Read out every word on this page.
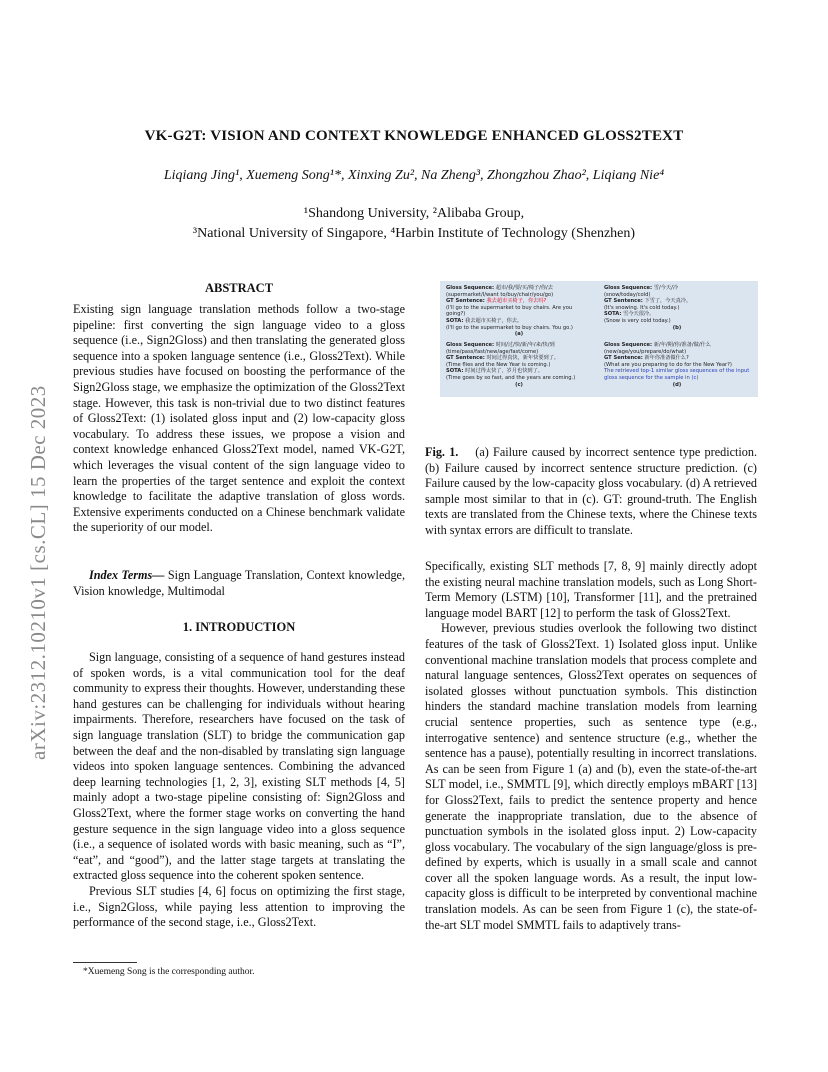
arXiv:2312.10210v1 [cs.CL] 15 Dec 2023
VK-G2T: VISION AND CONTEXT KNOWLEDGE ENHANCED GLOSS2TEXT
Liqiang Jing¹, Xuemeng Song¹*, Xinxing Zu², Na Zheng³, Zhongzhou Zhao², Liqiang Nie⁴
¹Shandong University, ²Alibaba Group,
³National University of Singapore, ⁴Harbin Institute of Technology (Shenzhen)
ABSTRACT
Existing sign language translation methods follow a two-stage pipeline: first converting the sign language video to a gloss sequence (i.e., Sign2Gloss) and then translating the generated gloss sequence into a spoken language sentence (i.e., Gloss2Text). While previous studies have focused on boosting the performance of the Sign2Gloss stage, we emphasize the optimization of the Gloss2Text stage. However, this task is non-trivial due to two distinct features of Gloss2Text: (1) isolated gloss input and (2) low-capacity gloss vocabulary. To address these issues, we propose a vision and context knowledge enhanced Gloss2Text model, named VK-G2T, which leverages the visual content of the sign language video to learn the properties of the target sentence and exploit the context knowledge to facilitate the adaptive translation of gloss words. Extensive experiments conducted on a Chinese benchmark validate the superiority of our model.
Index Terms— Sign Language Translation, Context knowledge, Vision knowledge, Multimodal
1. INTRODUCTION

Sign language, consisting of a sequence of hand gestures instead of spoken words, is a vital communication tool for the deaf community to express their thoughts. However, understanding these hand gestures can be challenging for individuals without hearing impairments. Therefore, researchers have focused on the task of sign language translation (SLT) to bridge the communication gap between the deaf and the non-disabled by translating sign language videos into spoken language sentences. Combining the advanced deep learning technologies [1, 2, 3], existing SLT methods [4, 5] mainly adopt a two-stage pipeline consisting of: Sign2Gloss and Gloss2Text, where the former stage works on converting the hand gesture sequence in the sign language video into a gloss sequence (i.e., a sequence of isolated words with basic meaning, such as “I”, “eat”, and “good”), and the latter stage targets at translating the extracted gloss sequence into the coherent spoken sentence.

Previous SLT studies [4, 6] focus on optimizing the first stage, i.e., Sign2Gloss, while paying less attention to improving the performance of the second stage, i.e., Gloss2Text.

*Xuemeng Song is the corresponding author.
Gloss Sequence: 超市/我/要/买/椅子/你/去
(supermarket/I/want to/buy/chair/you/go)
GT Sentence: 我去超市买椅子，你去吗?
(I'll go to the supermarket to buy chairs. Are you going?)
SOTA: 我去超市买椅子，你去。
(I'll go to the supermarket to buy chairs. You go.)
(a)
Gloss Sequence: 雪/今天/冷
(snow/today/cold)
GT Sentence: 下雪了，今天真冷。
(It's snowing. It's cold today.)
SOTA: 雪今天很冷。
(Snow is very cold today.)
(b)
Gloss Sequence: 时间/过/快/新/年/来/快/到
(time/pass/fast/new/age/fast/come)
GT Sentence: 时间过得真快，新年快要到了。
(Time flies and the New Year is coming.)
SOTA: 时间过得太快了，岁月也快到了。
(Time goes by so fast, and the years are coming.)
(c)
Gloss Sequence: 新/年/期/你/准备/做/什么
(new/age/you/prepare/do/what)
GT Sentence: 新年你准备做什么?
(What are you preparing to do for the New Year?)
The retrieved top-1 similar gloss sequences of the input gloss sequence for the sample in (c)
(d)
Fig. 1. (a) Failure caused by incorrect sentence type prediction. (b) Failure caused by incorrect sentence structure prediction. (c) Failure caused by the low-capacity gloss vocabulary. (d) A retrieved sample most similar to that in (c). GT: ground-truth. The English texts are translated from the Chinese texts, where the Chinese texts with syntax errors are difficult to translate.

Specifically, existing SLT methods [7, 8, 9] mainly directly adopt the existing neural machine translation models, such as Long Short-Term Memory (LSTM) [10], Transformer [11], and the pretrained language model BART [12] to perform the task of Gloss2Text.

However, previous studies overlook the following two distinct features of the task of Gloss2Text. 1) Isolated gloss input. Unlike conventional machine translation models that process complete and natural language sentences, Gloss2Text operates on sequences of isolated glosses without punctuation symbols. This distinction hinders the standard machine translation models from learning crucial sentence properties, such as sentence type (e.g., interrogative sentence) and sentence structure (e.g., whether the sentence has a pause), potentially resulting in incorrect translations. As can be seen from Figure 1 (a) and (b), even the state-of-the-art SLT model, i.e., SMMTL [9], which directly employs mBART [13] for Gloss2Text, fails to predict the sentence property and hence generate the inappropriate translation, due to the absence of punctuation symbols in the isolated gloss input. 2) Low-capacity gloss vocabulary. The vocabulary of the sign language/gloss is pre-defined by experts, which is usually in a small scale and cannot cover all the spoken language words. As a result, the input low-capacity gloss is difficult to be interpreted by conventional machine translation models. As can be seen from Figure 1 (c), the state-of-the-art SLT model SMMTL fails to adaptively trans-
